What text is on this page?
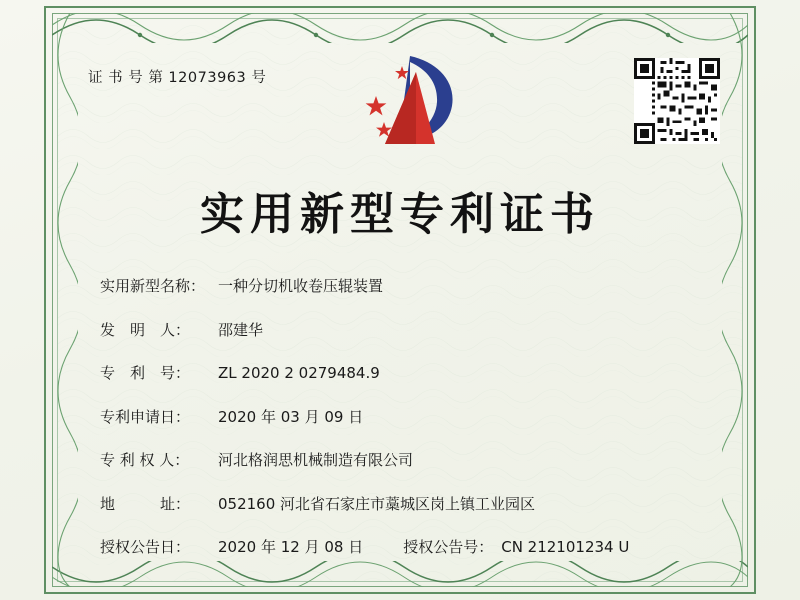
证 书 号 第 12073963 号
实用新型专利证书
实用新型名称： 一种分切机收卷压辊装置
发　明　人：	邵建华
专　利　号：	ZL 2020 2 0279484.9
专利申请日：	2020 年 03 月 09 日
专 利 权 人：	河北格润思机械制造有限公司
地　　　址：	052160 河北省石家庄市藁城区岗上镇工业园区
授权公告日：	2020 年 12 月 08 日	授权公告号： CN 212101234 U
